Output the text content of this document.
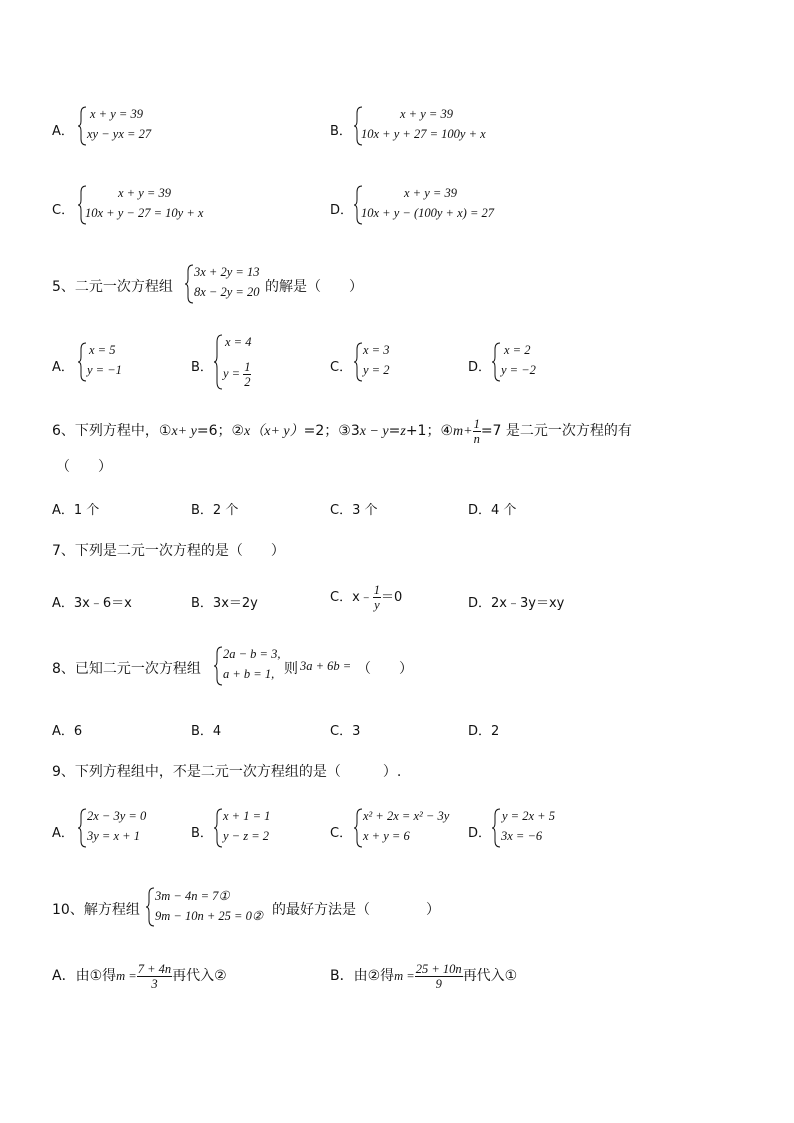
A．
x + y = 39
xy − yx = 27	B．
x + y = 39
10x + y + 27 = 100y + x
C．
x + y = 39
10x + y − 27 = 10y + x	D．
x + y = 39
10x + y − (100y + x) = 27
5、二元一次方程组
3x + 2y = 13
8x − 2y = 20 的解是（　　）
A．
x = 5
y = −1	B．
x = 4
$y = \frac{1}{2}$	C．
x = 3
y = 2	D．
x = 2
y = −2
6、下列方程中，①x+ y=6；②x（x+ y）=2；③3x − y=z+1；④m+ $\frac{1}{n} =7$ 是二元一次方程的有
（　　）
A．1 个	B．2 个	C．3 个	D．4 个
7、下列是二元一次方程的是（　　）
A．3x﹣6＝x	B．3x＝2y	C．x﹣ $\frac{1}{y} =0$	D．2x﹣3y＝xy
8、已知二元一次方程组
2a − b = 3,
a + b = 1, 则 3a + 6b = （　　）
A．6	B．4	C．3	D．2
9、下列方程组中，不是二元一次方程组的是（　　　）.
A．
2x − 3y = 0
3y = x + 1	B．
x + 1 = 1
y − z = 2	C．
x² + 2x = x² − 3y
x + y = 6	D．
y = 2x + 5
3x = −6
10、解方程组
3m − 4n = 7①
9m − 10n + 25 = 0② 的最好方法是（　　　　）
A．由①得$m = \frac{7 + 4n}{3}$ 再代入②	B．由②得$m = \frac{25 + 10n}{9}$ 再代入①
